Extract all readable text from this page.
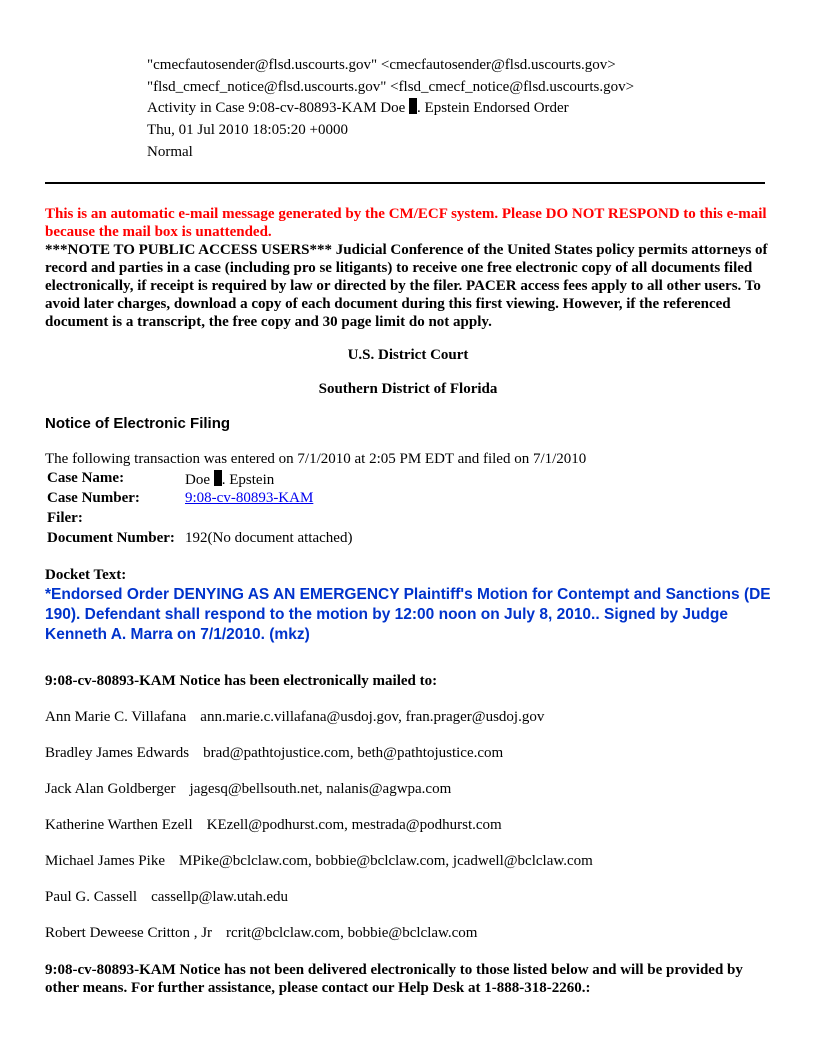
"cmecfautosender@flsd.uscourts.gov" <cmecfautosender@flsd.uscourts.gov>
"flsd_cmecf_notice@flsd.uscourts.gov" <flsd_cmecf_notice@flsd.uscourts.gov>
Activity in Case 9:08-cv-80893-KAM Doe . Epstein Endorsed Order
Thu, 01 Jul 2010 18:05:20 +0000
Normal
This is an automatic e-mail message generated by the CM/ECF system. Please DO NOT RESPOND to this e-mail because the mail box is unattended.
***NOTE TO PUBLIC ACCESS USERS*** Judicial Conference of the United States policy permits attorneys of record and parties in a case (including pro se litigants) to receive one free electronic copy of all documents filed electronically, if receipt is required by law or directed by the filer. PACER access fees apply to all other users. To avoid later charges, download a copy of each document during this first viewing. However, if the referenced document is a transcript, the free copy and 30 page limit do not apply.
U.S. District Court
Southern District of Florida
Notice of Electronic Filing
The following transaction was entered on 7/1/2010 at 2:05 PM EDT and filed on 7/1/2010
Case Name:	Doe . Epstein
Case Number:	9:08-cv-80893-KAM
Filer:
Document Number: 192(No document attached)
Docket Text:
*Endorsed Order DENYING AS AN EMERGENCY Plaintiff's Motion for Contempt and Sanctions (DE 190). Defendant shall respond to the motion by 12:00 noon on July 8, 2010.. Signed by Judge Kenneth A. Marra on 7/1/2010. (mkz)
9:08-cv-80893-KAM Notice has been electronically mailed to:
Ann Marie C. Villafana ann.marie.c.villafana@usdoj.gov, fran.prager@usdoj.gov
Bradley James Edwards brad@pathtojustice.com, beth@pathtojustice.com
Jack Alan Goldberger jagesq@bellsouth.net, nalanis@agwpa.com
Katherine Warthen Ezell KEzell@podhurst.com, mestrada@podhurst.com
Michael James Pike MPike@bclclaw.com, bobbie@bclclaw.com, jcadwell@bclclaw.com
Paul G. Cassell cassellp@law.utah.edu
Robert Deweese Critton , Jr rcrit@bclclaw.com, bobbie@bclclaw.com
9:08-cv-80893-KAM Notice has not been delivered electronically to those listed below and will be provided by other means. For further assistance, please contact our Help Desk at 1-888-318-2260.:
